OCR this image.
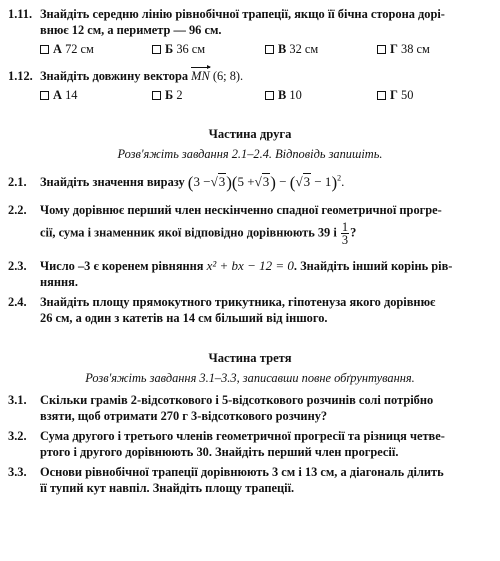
1.11. Знайдіть середню лінію рівнобічної трапеції, якщо її бічна сторона дорі-
внює 12 см, а периметр — 96 см.
А 72 см	Б 36 см	В 32 см	Г 38 см
1.12. Знайдіть довжину вектора MN (6; 8).
А 14	Б 2	В 10	Г 50
Частина друга
Розв'яжіть завдання 2.1–2.4. Відповідь запишіть.
2.1. Знайдіть значення виразу $(3 -√3)(5 +√3) - (√3 - 1)^2$.
2.2. Чому дорівнює перший член нескінченно спадної геометричної прогре-
сії, сума і знаменник якої відповідно дорівнюють 39 і $\frac{1}{3}$ ?
2.3. Число –3 є коренем рівняння x² + bx − 12 = 0. Знайдіть інший корінь рів-
няння.
2.4. Знайдіть площу прямокутного трикутника, гіпотенуза якого дорівнює
26 см, а один з катетів на 14 см більший від іншого.
Частина третя
Розв'яжіть завдання 3.1–3.3, записавши повне обґрунтування.
3.1. Скільки грамів 2-відсоткового і 5-відсоткового розчинів солі потрібно
взяти, щоб отримати 270 г 3-відсоткового розчину?
3.2. Сума другого і третього членів геометричної прогресії та різниця четве-
ртого і другого дорівнюють 30. Знайдіть перший член прогресії.
3.3. Основи рівнобічної трапеції дорівнюють 3 см і 13 см, а діагональ ділить
її тупий кут навпіл. Знайдіть площу трапеції.
